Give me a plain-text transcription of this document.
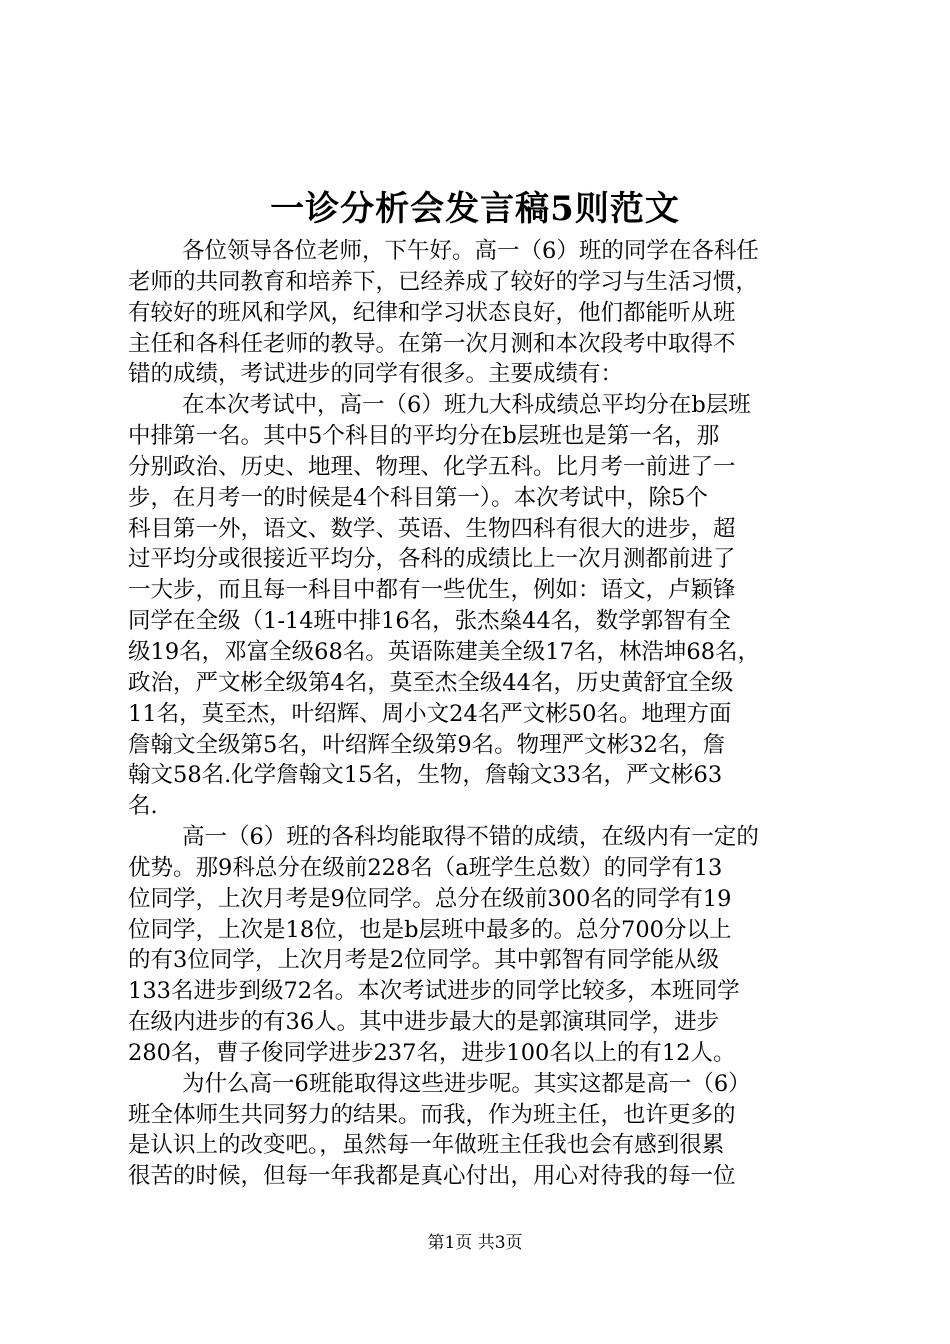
一诊分析会发言稿5则范文
各位领导各位老师，下午好。高一（6）班的同学在各科任
老师的共同教育和培养下，已经养成了较好的学习与生活习惯，
有较好的班风和学风，纪律和学习状态良好，他们都能听从班
主任和各科任老师的教导。在第一次月测和本次段考中取得不
错的成绩，考试进步的同学有很多。主要成绩有：
在本次考试中，高一（6）班九大科成绩总平均分在b层班
中排第一名。其中5个科目的平均分在b层班也是第一名，那
分别政治、历史、地理、物理、化学五科。比月考一前进了一
步，在月考一的时候是4个科目第一）。本次考试中，除5个
科目第一外，语文、数学、英语、生物四科有很大的进步，超
过平均分或很接近平均分，各科的成绩比上一次月测都前进了
一大步，而且每一科目中都有一些优生，例如：语文，卢颖锋
同学在全级（1-14班中排16名，张杰燊44名，数学郭智有全
级19名，邓富全级68名。英语陈建美全级17名，林浩坤68名，
政治，严文彬全级第4名，莫至杰全级44名，历史黄舒宜全级
11名，莫至杰，叶绍辉、周小文24名严文彬50名。地理方面
詹翰文全级第5名，叶绍辉全级第9名。物理严文彬32名，詹
翰文58名.化学詹翰文15名，生物，詹翰文33名，严文彬63
名.
高一（6）班的各科均能取得不错的成绩，在级内有一定的
优势。那9科总分在级前228名（a班学生总数）的同学有13
位同学，上次月考是9位同学。总分在级前300名的同学有19
位同学，上次是18位，也是b层班中最多的。总分700分以上
的有3位同学，上次月考是2位同学。其中郭智有同学能从级
133名进步到级72名。本次考试进步的同学比较多，本班同学
在级内进步的有36人。其中进步最大的是郭演琪同学，进步
280名，曹子俊同学进步237名，进步100名以上的有12人。
为什么高一6班能取得这些进步呢。其实这都是高一（6）
班全体师生共同努力的结果。而我，作为班主任，也许更多的
是认识上的改变吧。，虽然每一年做班主任我也会有感到很累
很苦的时候，但每一年我都是真心付出，用心对待我的每一位
第1页 共3页
